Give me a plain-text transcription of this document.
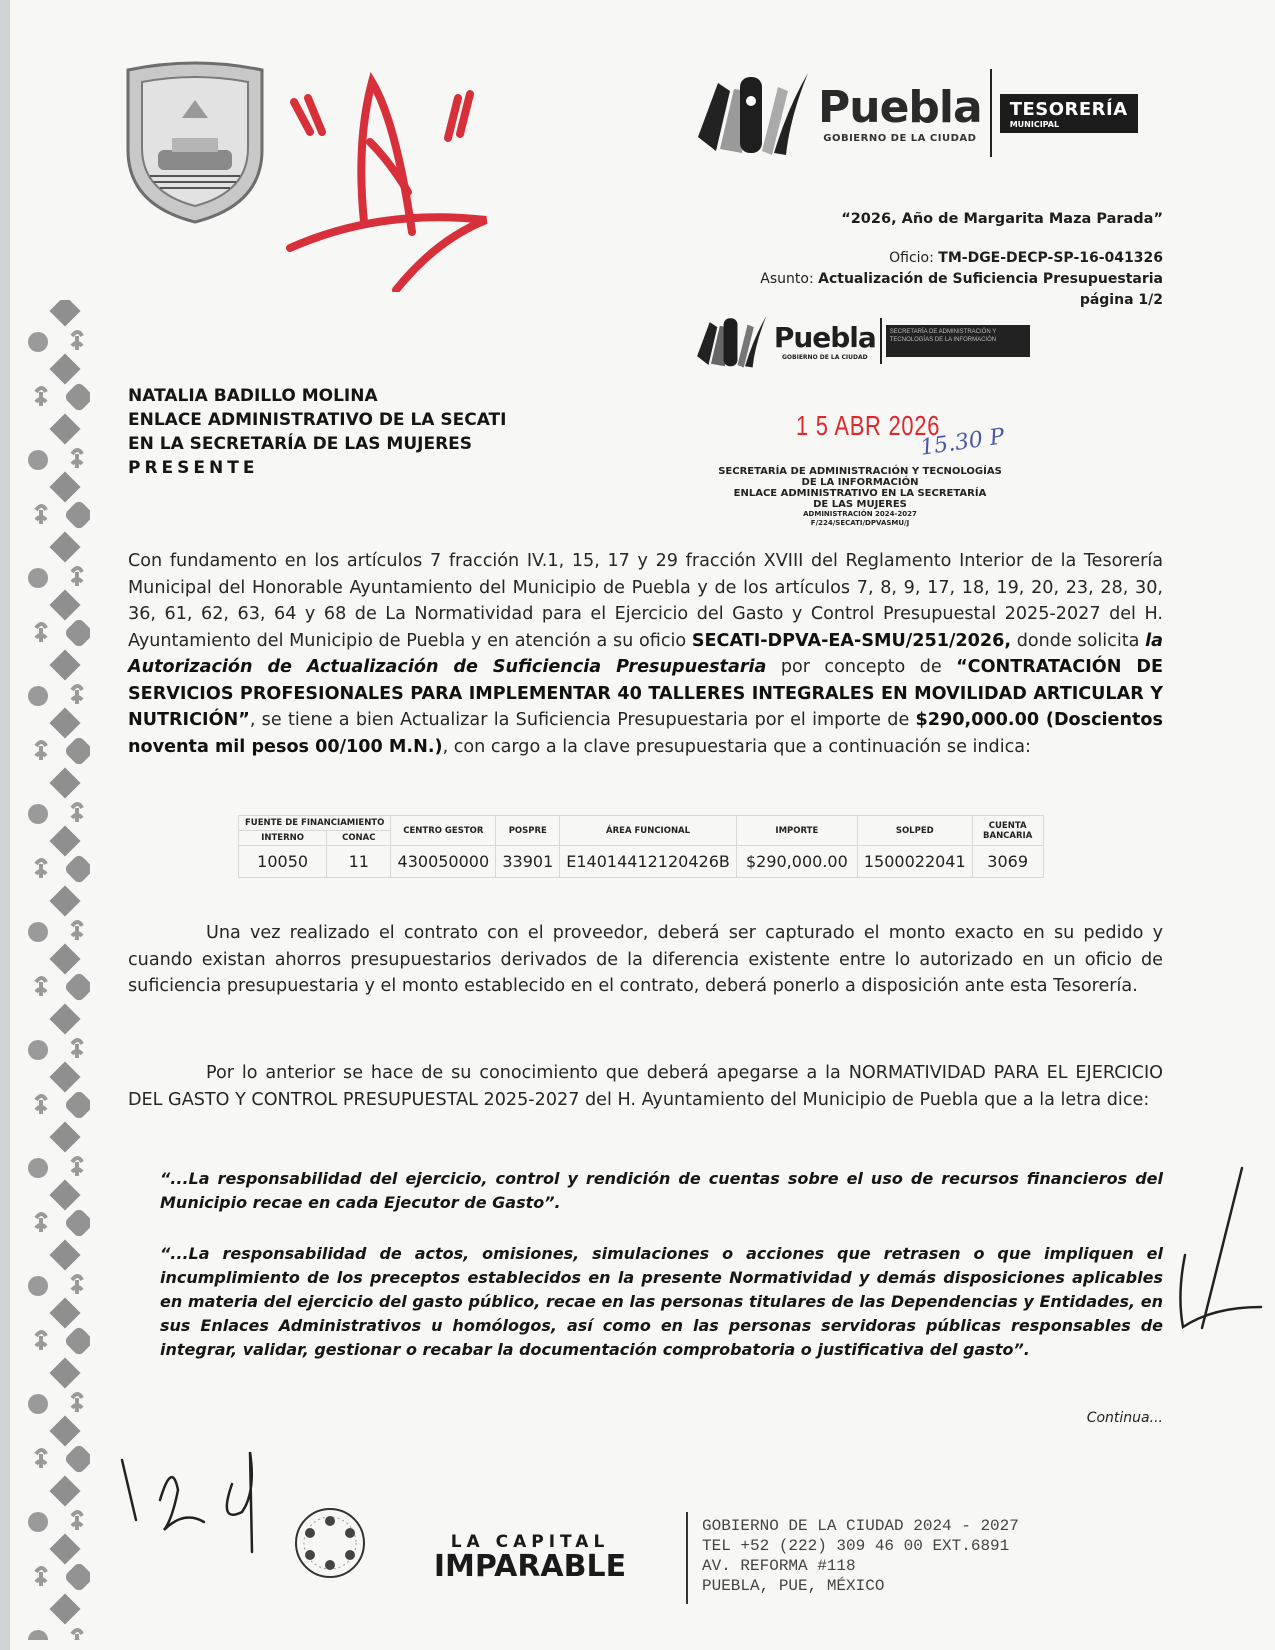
Puebla
GOBIERNO DE LA CIUDAD
TESORERÍA
MUNICIPAL
“2026, Año de Margarita Maza Parada”
Oficio: TM-DGE-DECP-SP-16-041326
Asunto: Actualización de Suficiencia Presupuestaria
página 1/2
Puebla
GOBIERNO DE LA CIUDAD
SECRETARÍA DE ADMINISTRACIÓN Y TECNOLOGÍAS DE LA INFORMACIÓN
1 5 ABR 2026
15.30 P
SECRETARÍA DE ADMINISTRACIÓN Y TECNOLOGÍAS
DE LA INFORMACIÓN
ENLACE ADMINISTRATIVO EN LA SECRETARÍA
DE LAS MUJERES
ADMINISTRACIÓN 2024-2027
F/224/SECATI/DPVASMU/J
NATALIA BADILLO MOLINA
ENLACE ADMINISTRATIVO DE LA SECATI
EN LA SECRETARÍA DE LAS MUJERES
PRESENTE
Con fundamento en los artículos 7 fracción IV.1, 15, 17 y 29 fracción XVIII del Reglamento Interior de la Tesorería Municipal del Honorable Ayuntamiento del Municipio de Puebla y de los artículos 7, 8, 9, 17, 18, 19, 20, 23, 28, 30, 36, 61, 62, 63, 64 y 68 de La Normatividad para el Ejercicio del Gasto y Control Presupuestal 2025-2027 del H. Ayuntamiento del Municipio de Puebla y en atención a su oficio SECATI-DPVA-EA-SMU/251/2026, donde solicita la Autorización de Actualización de Suficiencia Presupuestaria por concepto de “CONTRATACIÓN DE SERVICIOS PROFESIONALES PARA IMPLEMENTAR 40 TALLERES INTEGRALES EN MOVILIDAD ARTICULAR Y NUTRICIÓN”, se tiene a bien Actualizar la Suficiencia Presupuestaria por el importe de $290,000.00 (Doscientos noventa mil pesos 00/100 M.N.), con cargo a la clave presupuestaria que a continuación se indica:
FUENTE DE FINANCIAMIENTO		CENTRO GESTOR	POSPRE	ÁREA FUNCIONAL	IMPORTE	SOLPED	CUENTA BANCARIA
INTERNO	CONAC						
10050	11	430050000	33901	E14014412120426B	$290,000.00	1500022041	3069
Una vez realizado el contrato con el proveedor, deberá ser capturado el monto exacto en su pedido y cuando existan ahorros presupuestarios derivados de la diferencia existente entre lo autorizado en un oficio de suficiencia presupuestaria y el monto establecido en el contrato, deberá ponerlo a disposición ante esta Tesorería.
Por lo anterior se hace de su conocimiento que deberá apegarse a la NORMATIVIDAD PARA EL EJERCICIO DEL GASTO Y CONTROL PRESUPUESTAL 2025-2027 del H. Ayuntamiento del Municipio de Puebla que a la letra dice:
“...La responsabilidad del ejercicio, control y rendición de cuentas sobre el uso de recursos financieros del Municipio recae en cada Ejecutor de Gasto”.
“...La responsabilidad de actos, omisiones, simulaciones o acciones que retrasen o que impliquen el incumplimiento de los preceptos establecidos en la presente Normatividad y demás disposiciones aplicables en materia del ejercicio del gasto público, recae en las personas titulares de las Dependencias y Entidades, en sus Enlaces Administrativos u homólogos, así como en las personas servidoras públicas responsables de integrar, validar, gestionar o recabar la documentación comprobatoria o justificativa del gasto”.
Continua...
LA CAPITAL
IMPARABLE
GOBIERNO DE LA CIUDAD 2024 - 2027
TEL +52 (222) 309 46 00 EXT.6891
AV. REFORMA #118
PUEBLA, PUE, MÉXICO
